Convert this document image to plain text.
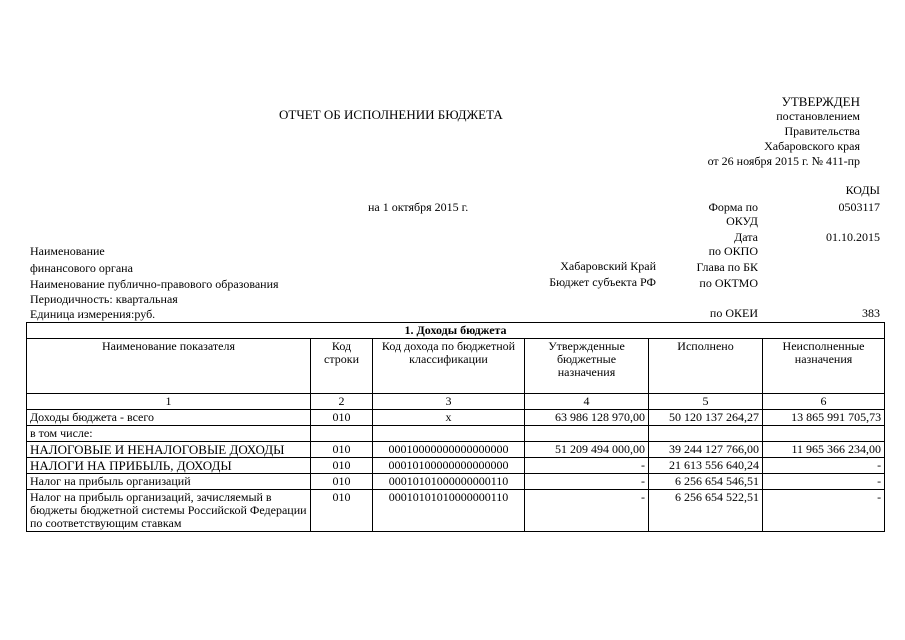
ОТЧЕТ ОБ ИСПОЛНЕНИИ БЮДЖЕТА
УТВЕРЖДЕН
постановлением
Правительства
Хабаровского края
от 26 ноября 2015 г. № 411-пр
КОДЫ
на 1 октября 2015 г.	Форма по
ОКУД
0503117
Дата	01.10.2015
по ОКПО
Глава по БК
по ОКТМО
по ОКЕИ	383
Наименование
финансового органа	Хабаровский Край
Наименование публично-правового образования	Бюджет субъекта РФ
Периодичность: квартальная
Единица измерения:руб.
1. Доходы бюджета					
Наименование показателя	Код строки	Код дохода по бюджетной классификации	Утвержденные бюджетные назначения	Исполнено	Неисполненные назначения
1	2	3	4	5	6
Доходы бюджета - всего	010	x	63 986 128 970,00	50 120 137 264,27	13 865 991 705,73
в том числе:					
НАЛОГОВЫЕ И НЕНАЛОГОВЫЕ ДОХОДЫ	010	00010000000000000000	51 209 494 000,00	39 244 127 766,00	11 965 366 234,00
НАЛОГИ НА ПРИБЫЛЬ, ДОХОДЫ	010	00010100000000000000	-	21 613 556 640,24	-
Налог на прибыль организаций	010	00010101000000000110	-	6 256 654 546,51	-
Налог на прибыль организаций, зачисляемый в бюджеты бюджетной системы Российской Федерации по соответствующим ставкам	010	00010101010000000110	-	6 256 654 522,51	-
